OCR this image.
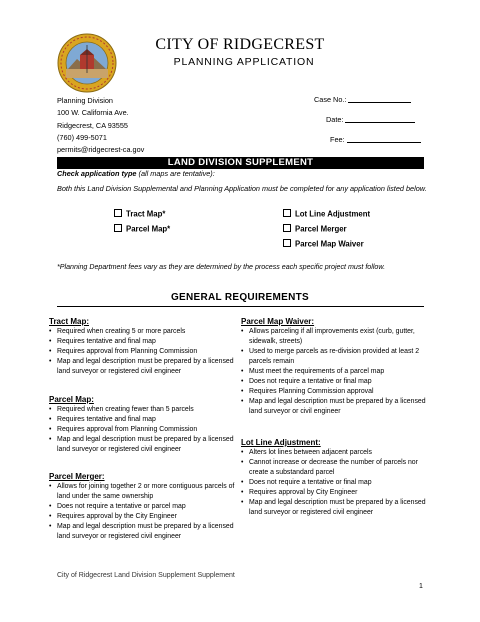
CITY OF RIDGECREST
PLANNING APPLICATION
Planning Division
100 W. California Ave.
Ridgecrest, CA 93555
(760) 499-5071
permits@ridgecrest-ca.gov
Case No.:
Date:
Fee:
LAND DIVISION SUPPLEMENT
Check application type (all maps are tentative):
Both this Land Division Supplemental and Planning Application must be completed for any application listed below.
Tract Map*
Parcel Map*
Lot Line Adjustment
Parcel Merger
Parcel Map Waiver
*Planning Department fees vary as they are determined by the process each specific project must follow.
GENERAL REQUIREMENTS
Tract Map:
• Required when creating 5 or more parcels
• Requires tentative and final map
• Requires approval from Planning Commission
• Map and legal description must be prepared by a licensed land surveyor or registered civil engineer
Parcel Map:
• Required when creating fewer than 5 parcels
• Requires tentative and final map
• Requires approval from Planning Commission
• Map and legal description must be prepared by a licensed land surveyor or registered civil engineer
Parcel Merger:
• Allows for joining together 2 or more contiguous parcels of land under the same ownership
• Does not require a tentative or parcel map
• Requires approval by the City Engineer
• Map and legal description must be prepared by a licensed land surveyor or registered civil engineer
Parcel Map Waiver:
• Allows parceling if all improvements exist (curb, gutter, sidewalk, streets)
• Used to merge parcels as re-division provided at least 2 parcels remain
• Must meet the requirements of a parcel map
• Does not require a tentative or final map
• Requires Planning Commission approval
• Map and legal description must be prepared by a licensed land surveyor or civil engineer
Lot Line Adjustment:
• Alters lot lines between adjacent parcels
• Cannot increase or decrease the number of parcels nor create a substandard parcel
• Does not require a tentative or final map
• Requires approval by City Engineer
• Map and legal description must be prepared by a licensed land surveyor or registered civil engineer
City of Ridgecrest Land Division Supplement Supplement
1
